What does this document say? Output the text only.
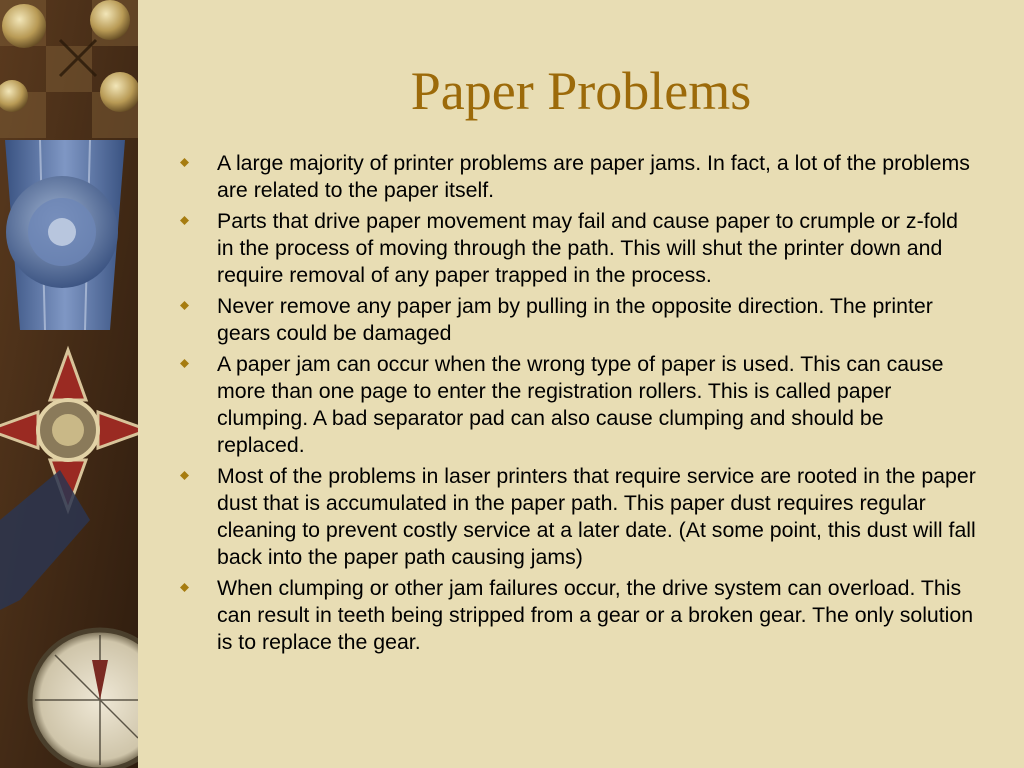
Paper Problems
A large majority of printer problems are paper jams. In fact, a lot of the problems are related to the paper itself.
Parts that drive paper movement may fail and cause paper to crumple or z-fold in the process of moving through the path. This will shut the printer down and require removal of any paper trapped in the process.
Never remove any paper jam by pulling in the opposite direction. The printer gears could be damaged
A paper jam can occur when the wrong type of paper is used. This can cause more than one page to enter the registration rollers. This is called paper clumping. A bad separator pad can also cause clumping and should be replaced.
Most of the problems in laser printers that require service are rooted in the paper dust that is accumulated in the paper path. This paper dust requires regular cleaning to prevent costly service at a later date. (At some point, this dust will fall back into the paper path causing jams)
When clumping or other jam failures occur, the drive system can overload. This can result in teeth being stripped from a gear or a broken gear. The only solution is to replace the gear.
